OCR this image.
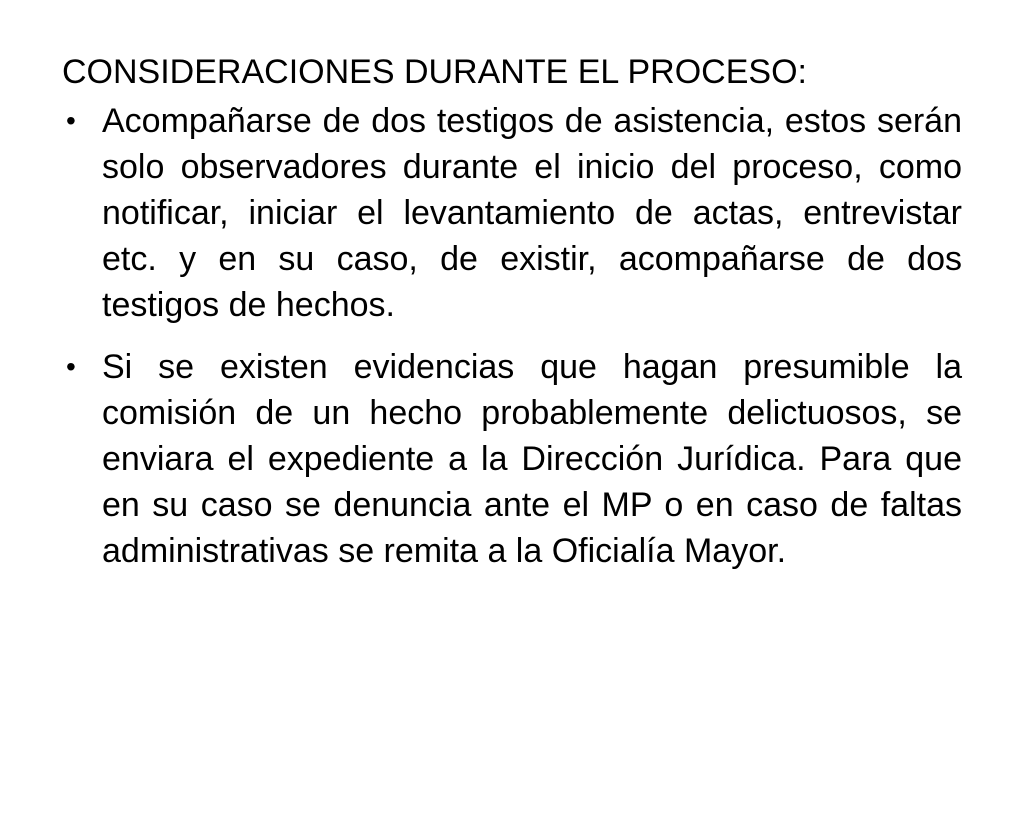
CONSIDERACIONES DURANTE EL PROCESO:
• Acompañarse de dos testigos de asistencia, estos serán solo observadores durante el inicio del proceso, como notificar, iniciar el levantamiento de actas, entrevistar etc. y en su caso, de existir, acompañarse de dos testigos de hechos.
• Si se existen evidencias que hagan presumible la comisión de un hecho probablemente delictuosos, se enviara el expediente a la Dirección Jurídica. Para que en su caso se denuncia ante el MP o en caso de faltas administrativas se remita a la Oficialía Mayor.
